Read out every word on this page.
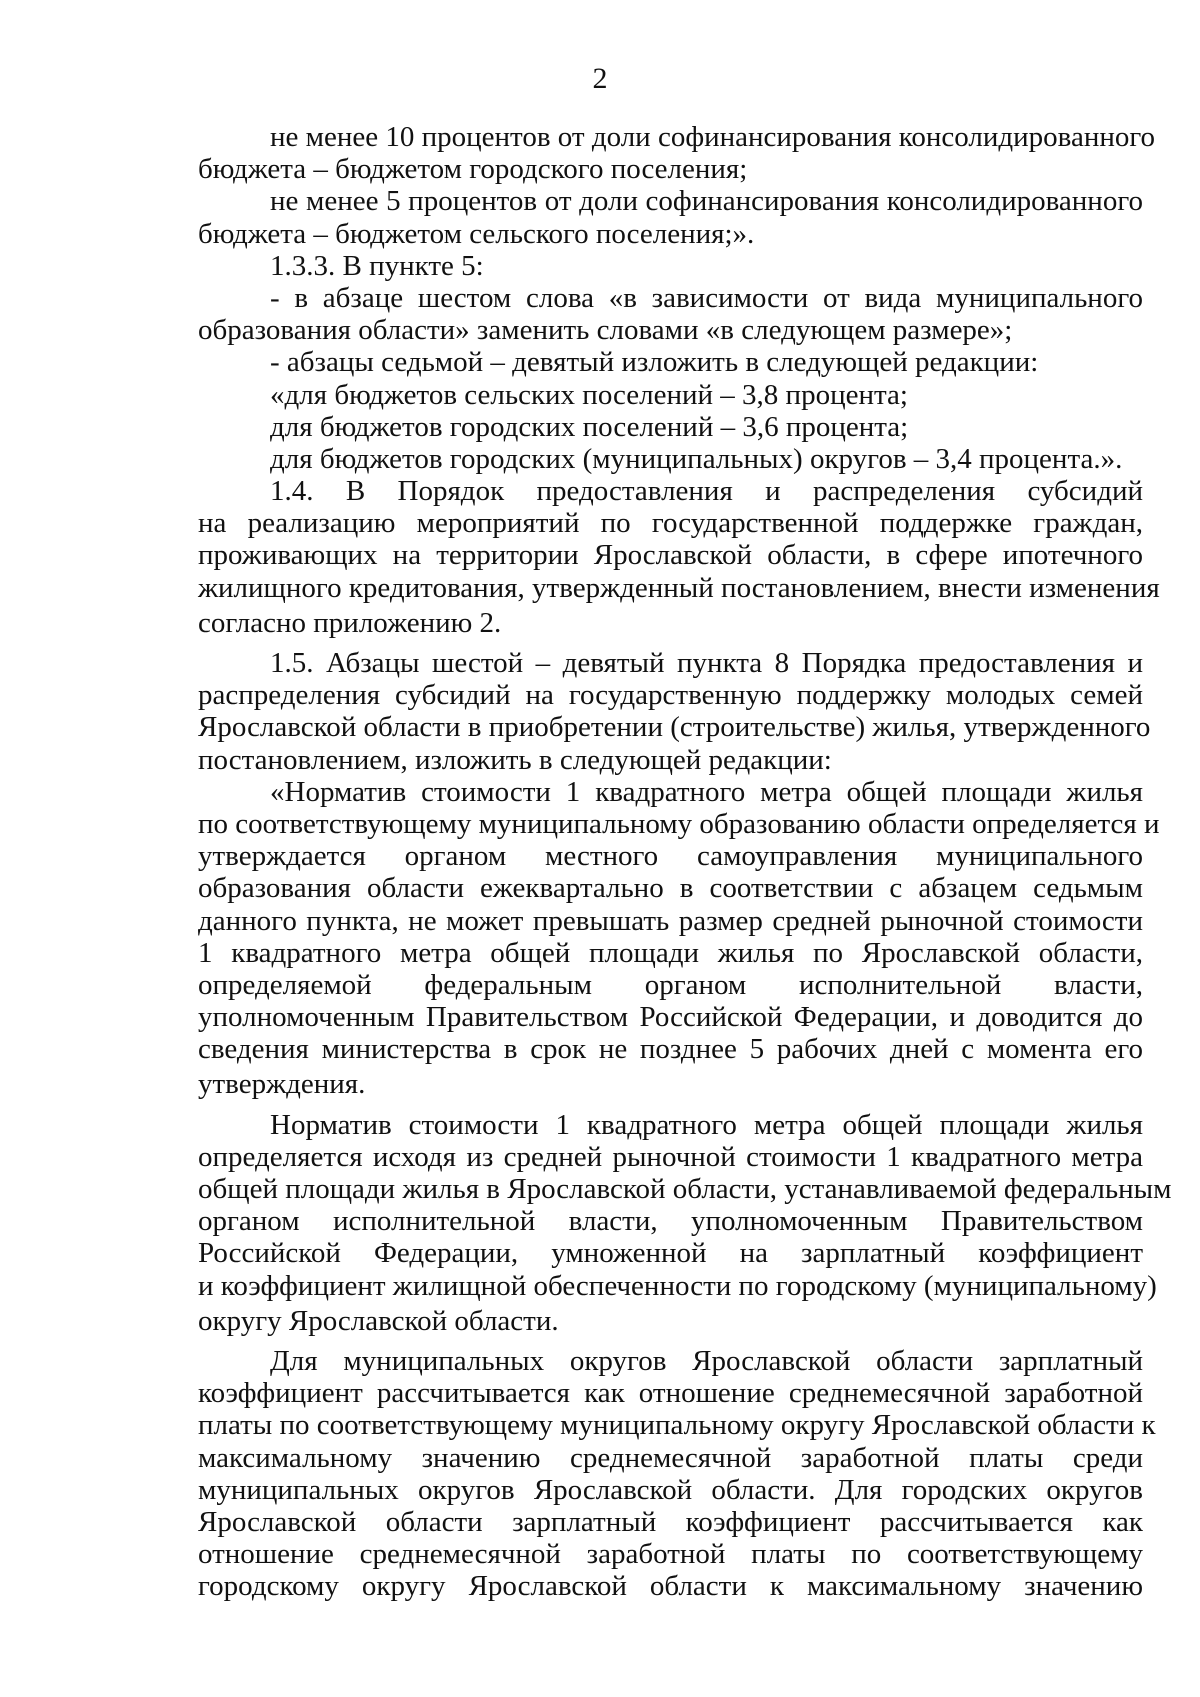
2
не менее 10 процентов от доли софинансирования консолидированного
бюджета – бюджетом городского поселения;
не менее 5 процентов от доли софинансирования консолидированного
бюджета – бюджетом сельского поселения;».
1.3.3. В пункте 5:
- в абзаце шестом слова «в зависимости от вида муниципального
образования области» заменить словами «в следующем размере»;
- абзацы седьмой – девятый изложить в следующей редакции:
«для бюджетов сельских поселений – 3,8 процента;
для бюджетов городских поселений – 3,6 процента;
для бюджетов городских (муниципальных) округов – 3,4 процента.».
1.4. В Порядок предоставления и распределения субсидий
на реализацию мероприятий по государственной поддержке граждан,
проживающих на территории Ярославской области, в сфере ипотечного
жилищного кредитования, утвержденный постановлением, внести изменения
согласно приложению 2.
1.5. Абзацы шестой – девятый пункта 8 Порядка предоставления и
распределения субсидий на государственную поддержку молодых семей
Ярославской области в приобретении (строительстве) жилья, утвержденного
постановлением, изложить в следующей редакции:
«Норматив стоимости 1 квадратного метра общей площади жилья
по соответствующему муниципальному образованию области определяется и
утверждается органом местного самоуправления муниципального
образования области ежеквартально в соответствии с абзацем седьмым
данного пункта, не может превышать размер средней рыночной стоимости
1 квадратного метра общей площади жилья по Ярославской области,
определяемой федеральным органом исполнительной власти,
уполномоченным Правительством Российской Федерации, и доводится до
сведения министерства в срок не позднее 5 рабочих дней с момента его
утверждения.
Норматив стоимости 1 квадратного метра общей площади жилья
определяется исходя из средней рыночной стоимости 1 квадратного метра
общей площади жилья в Ярославской области, устанавливаемой федеральным
органом исполнительной власти, уполномоченным Правительством
Российской Федерации, умноженной на зарплатный коэффициент
и коэффициент жилищной обеспеченности по городскому (муниципальному)
округу Ярославской области.
Для муниципальных округов Ярославской области зарплатный
коэффициент рассчитывается как отношение среднемесячной заработной
платы по соответствующему муниципальному округу Ярославской области к
максимальному значению среднемесячной заработной платы среди
муниципальных округов Ярославской области. Для городских округов
Ярославской области зарплатный коэффициент рассчитывается как
отношение среднемесячной заработной платы по соответствующему
городскому округу Ярославской области к максимальному значению
